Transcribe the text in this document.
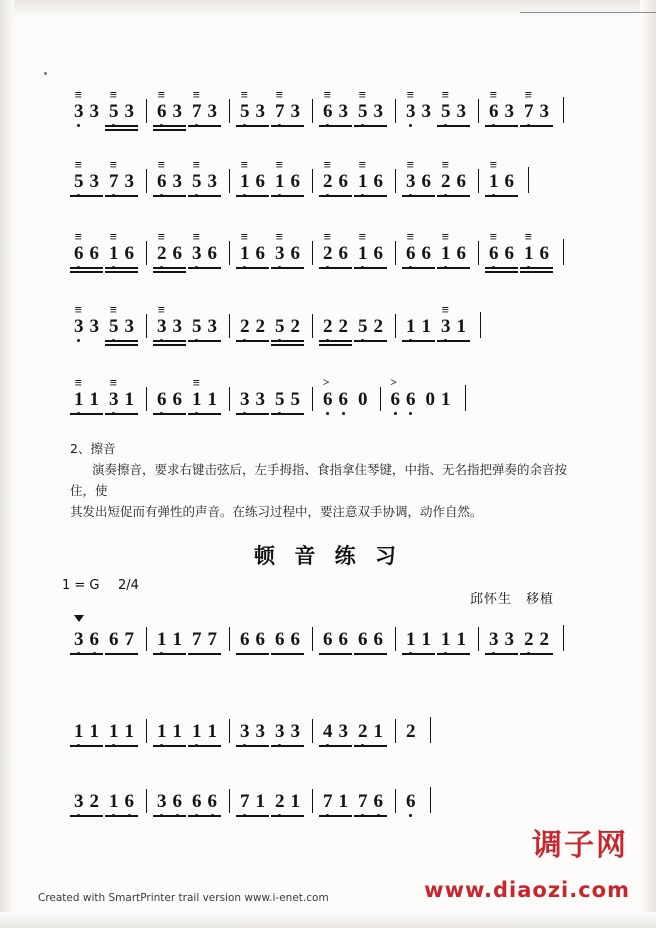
3
≡
3 5
≡
3 6
≡
3 7
≡
3 5
≡
3 7
≡
3 6
≡
3 5
≡
3 3
≡
3 5
≡
3 6
≡
3 7
≡
3
5
≡
3 7
≡
3 6
≡
3 5
≡
3 1
≡
6 1
≡
6 2
≡
6 1
≡
6 3
≡
6 2
≡
6 1
≡
6
6
≡
6 1
≡
6 2
≡
6 3
≡
6 1
≡
6 3
≡
6 2
≡
6 1
≡
6 6
≡
6 1
≡
6 6
≡
6 1
≡
6
3
≡
3 5
≡
3 3
≡
3 5 3 2 2 5 2 2 2 5 2 1 1 3
≡
1
1
≡
1 3
≡
1 6 6 1
≡
1 3 3 5 5 6
>
6 0 6
>
6 0 1
2、擦音
演奏擦音，要求右键击弦后，左手拇指、食指拿住琴键，中指、无名指把弹奏的余音按住，使
其发出短促而有弹性的声音。在练习过程中，要注意双手协调，动作自然。
顿 音 练 习
1 = G 2/4
邱怀生　移植
3 6 6 7 1 1 7 7 6 6 6 6 6 6 6 6 1 1 1 1 3 3 2 2
1 1 1 1 1 1 1 1 3 3 3 3 4 3 2 1 2
3 2 1 6 3 6 6 6 7 1 2 1 7 1 7 6 6
调子网
www.diaozi.com
Created with SmartPrinter trail version www.i-enet.com
